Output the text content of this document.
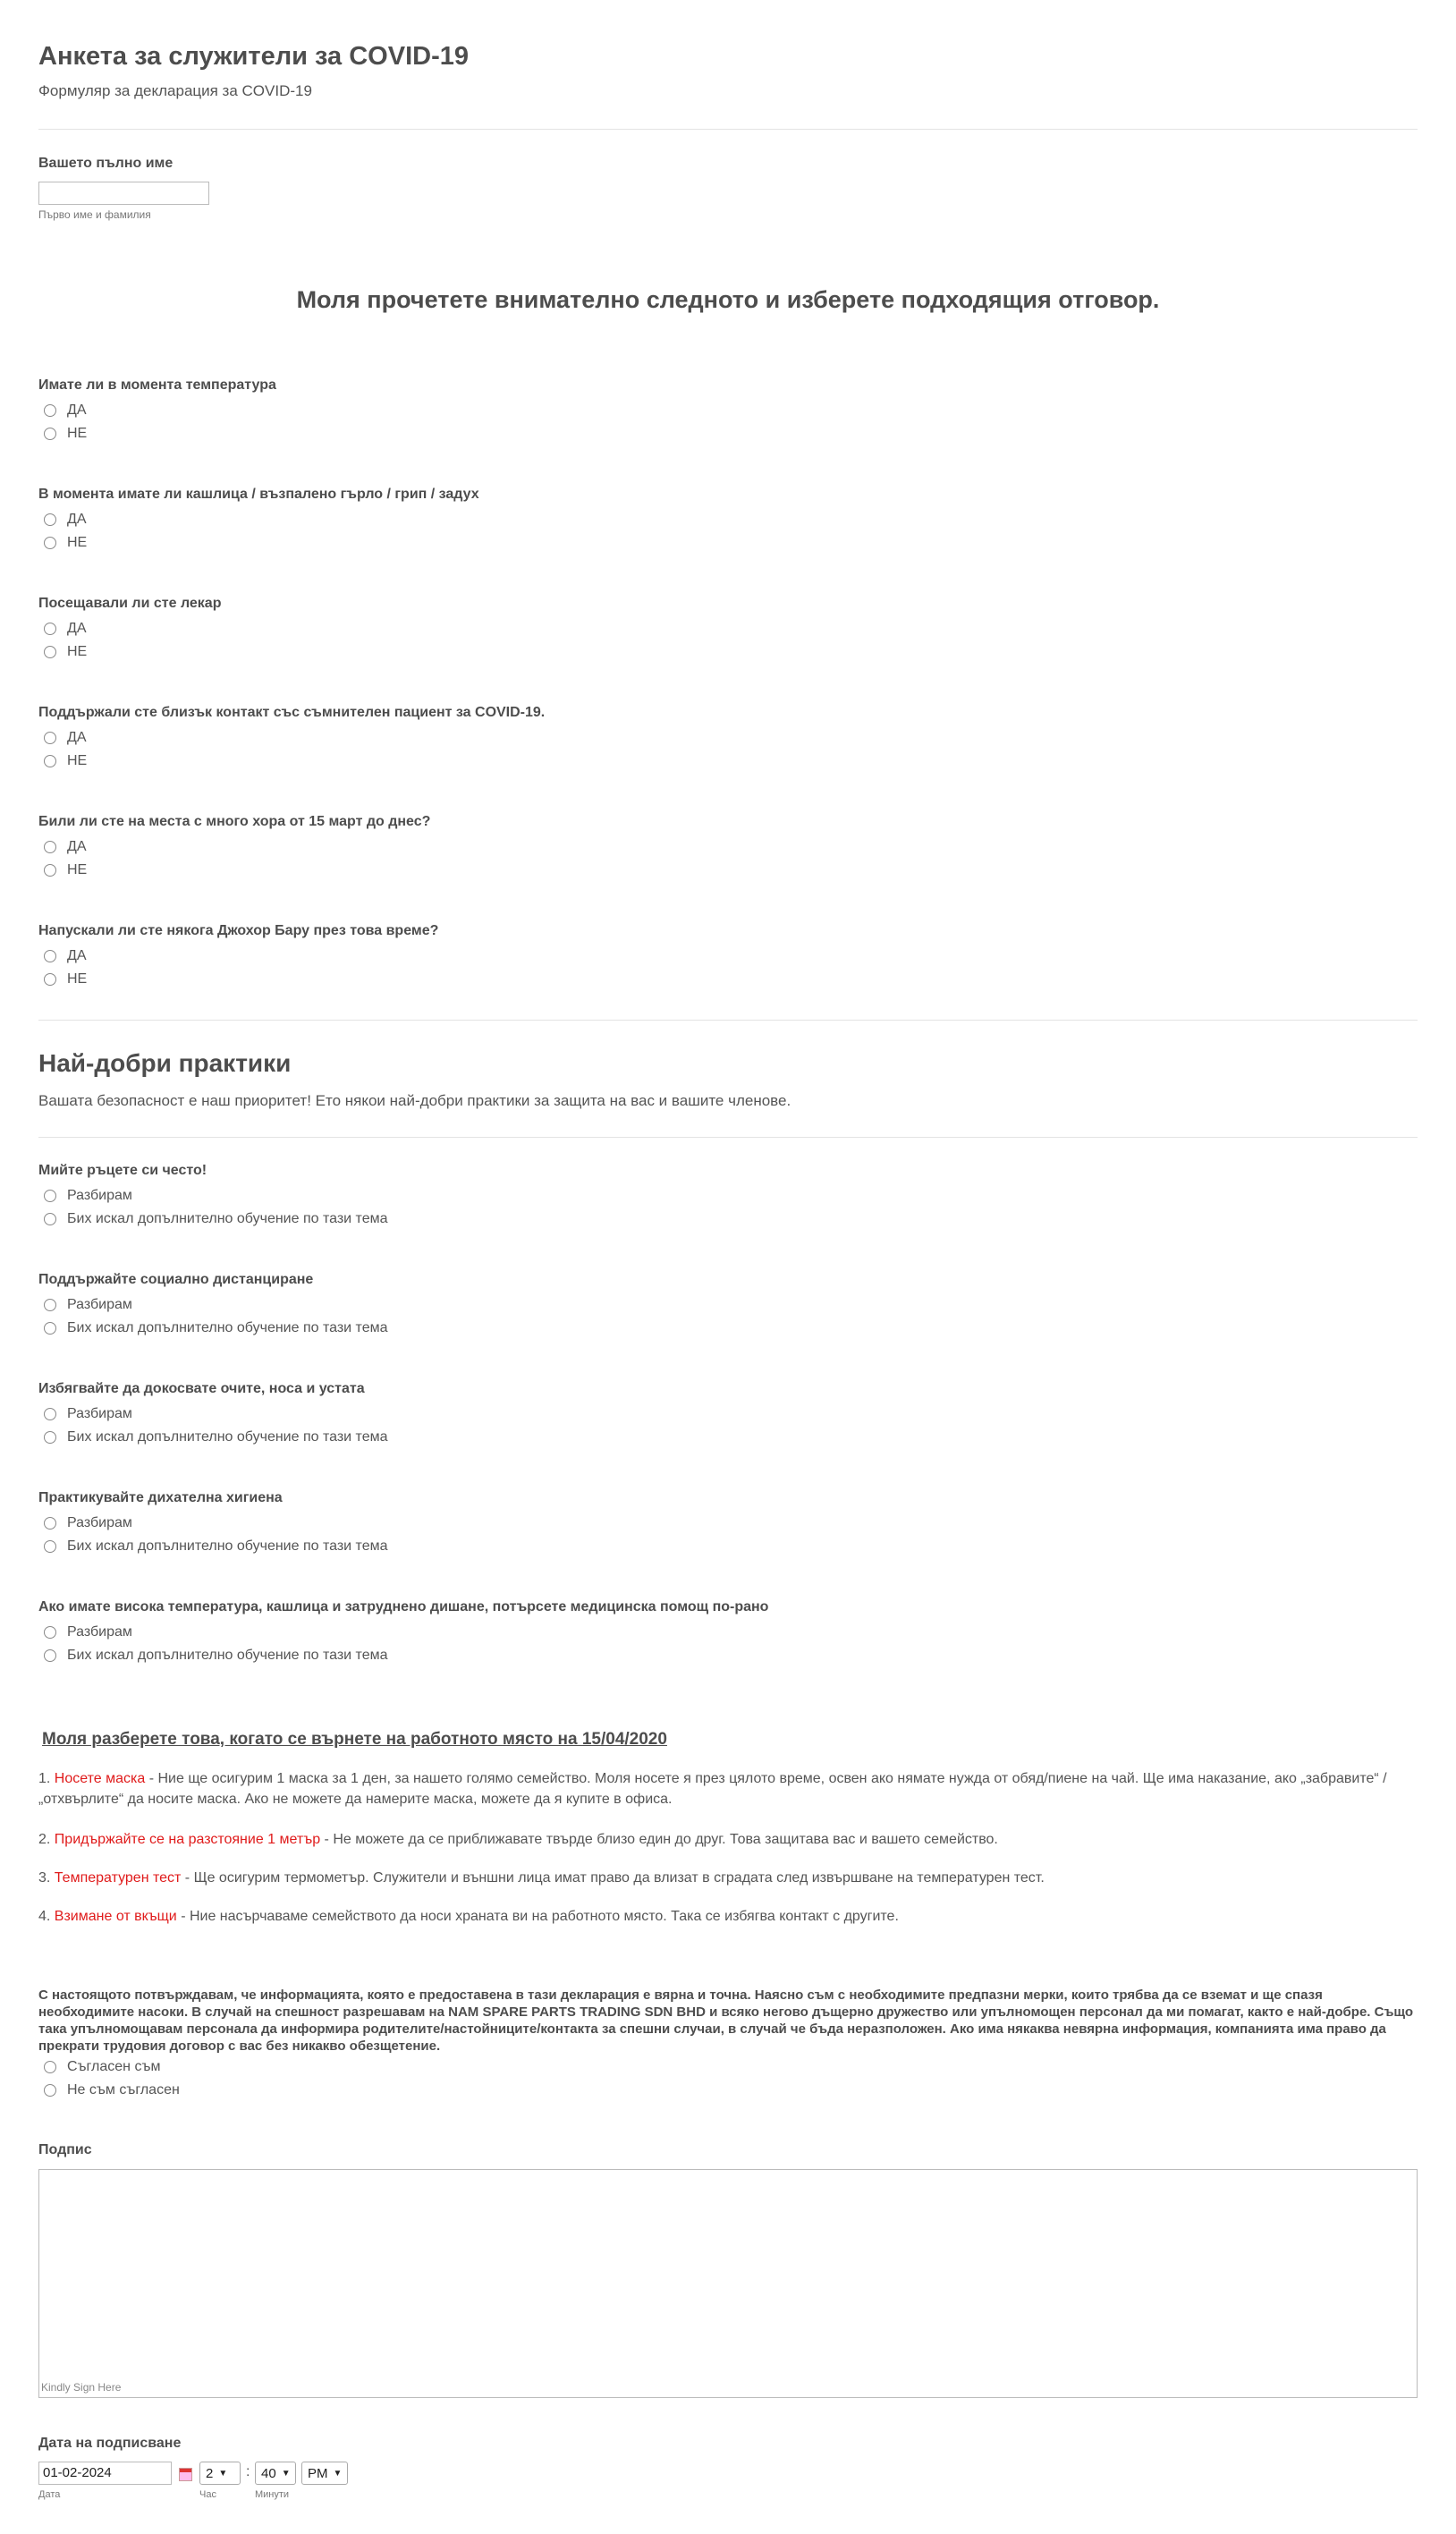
Анкета за служители за COVID-19
Формуляр за декларация за COVID-19
Вашето пълно име
Първо име и фамилия
Моля прочетете внимателно следното и изберете подходящия отговор.
Имате ли в момента температура
ДА
НЕ
В момента имате ли кашлица / възпалено гърло / грип / задух
ДА
НЕ
Посещавали ли сте лекар
ДА
НЕ
Поддържали сте близък контакт със съмнителен пациент за COVID-19.
ДА
НЕ
Били ли сте на места с много хора от 15 март до днес?
ДА
НЕ
Напускали ли сте някога Джохор Бару през това време?
ДА
НЕ
Най-добри практики
Вашата безопасност е наш приоритет! Ето някои най-добри практики за защита на вас и вашите членове.
Мийте ръцете си често!
Разбирам
Бих искал допълнително обучение по тази тема
Поддържайте социално дистанциране
Разбирам
Бих искал допълнително обучение по тази тема
Избягвайте да докосвате очите, носа и устата
Разбирам
Бих искал допълнително обучение по тази тема
Практикувайте дихателна хигиена
Разбирам
Бих искал допълнително обучение по тази тема
Ако имате висока температура, кашлица и затруднено дишане, потърсете медицинска помощ по-рано
Разбирам
Бих искал допълнително обучение по тази тема
Моля разберете това, когато се върнете на работното място на 15/04/2020
1. Носете маска - Ние ще осигурим 1 маска за 1 ден, за нашето голямо семейство. Моля носете я през цялото време, освен ако нямате нужда от обяд/пиене на чай. Ще има наказание, ако „забравите“ / „отхвърлите“ да носите маска. Ако не можете да намерите маска, можете да я купите в офиса.
2. Придържайте се на разстояние 1 метър - Не можете да се приближавате твърде близо един до друг. Това защитава вас и вашето семейство.
3. Температурен тест - Ще осигурим термометър. Служители и външни лица имат право да влизат в сградата след извършване на температурен тест.
4. Взимане от вкъщи - Ние насърчаваме семейството да носи храната ви на работното място. Така се избягва контакт с другите.
С настоящото потвърждавам, че информацията, която е предоставена в тази декларация е вярна и точна. Наясно съм с необходимите предпазни мерки, които трябва да се вземат и ще спазя необходимите насоки. В случай на спешност разрешавам на NAM SPARE PARTS TRADING SDN BHD и всяко негово дъщерно дружество или упълномощен персонал да ми помагат, както е най-добре. Също така упълномощавам персонала да информира родителите/настойниците/контакта за спешни случаи, в случай че бъда неразположен. Ако има някаква невярна информация, компанията има право да прекрати трудовия договор с вас без никакво обезщетение.
Съгласен съм
Не съм съгласен
Подпис
Kindly Sign Here
Дата на подписване
01-02-2024
Дата
2 ▼
Час
: 40 ▼
Минути
PM ▼
